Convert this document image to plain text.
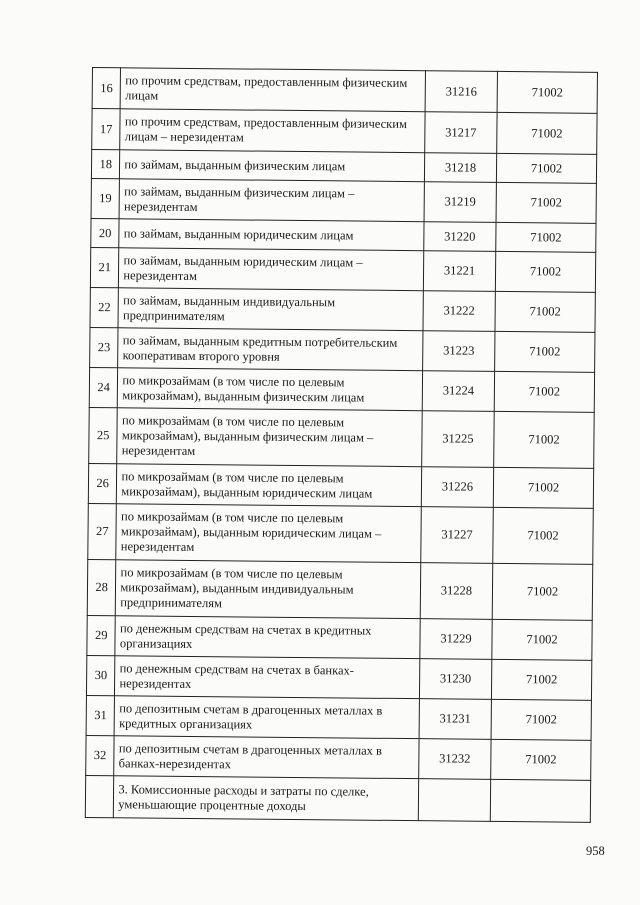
16	по прочим средствам, предоставленным физическим лицам	31216	71002
17	по прочим средствам, предоставленным физическим лицам – нерезидентам	31217	71002
18	по займам, выданным физическим лицам	31218	71002
19	по займам, выданным физическим лицам – нерезидентам	31219	71002
20	по займам, выданным юридическим лицам	31220	71002
21	по займам, выданным юридическим лицам – нерезидентам	31221	71002
22	по займам, выданным индивидуальным предпринимателям	31222	71002
23	по займам, выданным кредитным потребительским кооперативам второго уровня	31223	71002
24	по микрозаймам (в том числе по целевым микрозаймам), выданным физическим лицам	31224	71002
25	по микрозаймам (в том числе по целевым микрозаймам), выданным физическим лицам – нерезидентам	31225	71002
26	по микрозаймам (в том числе по целевым микрозаймам), выданным юридическим лицам	31226	71002
27	по микрозаймам (в том числе по целевым микрозаймам), выданным юридическим лицам – нерезидентам	31227	71002
28	по микрозаймам (в том числе по целевым микрозаймам), выданным индивидуальным предпринимателям	31228	71002
29	по денежным средствам на счетах в кредитных организациях	31229	71002
30	по денежным средствам на счетах в банках-нерезидентах	31230	71002
31	по депозитным счетам в драгоценных металлах в кредитных организациях	31231	71002
32	по депозитным счетам в драгоценных металлах в банках-нерезидентах	31232	71002
	3. Комиссионные расходы и затраты по сделке, уменьшающие процентные доходы		
958
